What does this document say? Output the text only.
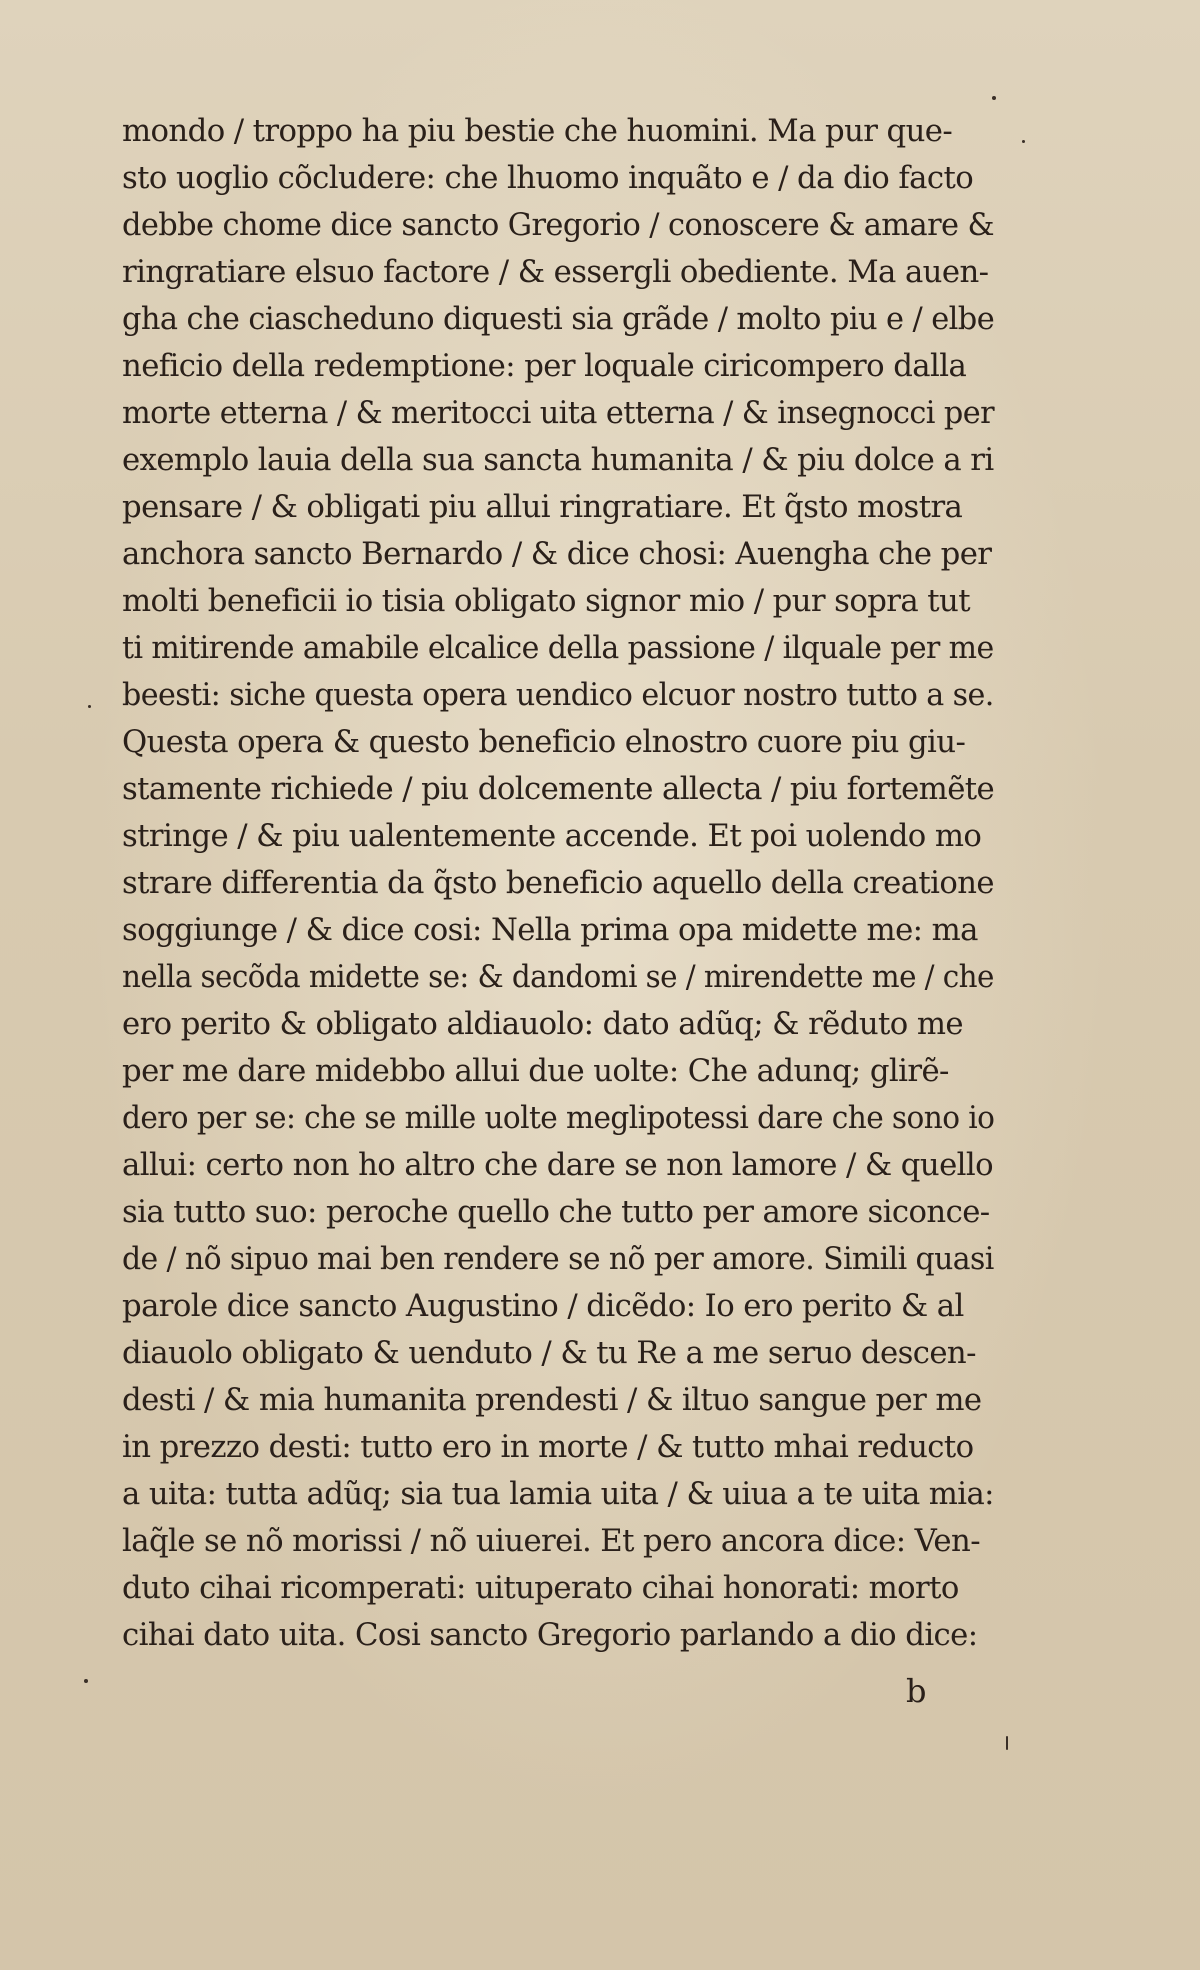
mondo / troppo ha piu bestie che huomini. Ma pur que-
sto uoglio cõcludere: che lhuomo inquãto e / da dio facto
debbe chome dice sancto Gregorio / conoscere & amare &
ringratiare elsuo factore / & essergli obediente. Ma auen-
gha che ciascheduno diquesti sia grãde / molto piu e / elbe
neficio della redemptione: per loquale ciricompero dalla
morte etterna / & meritocci uita etterna / & insegnocci per
exemplo lauia della sua sancta humanita / & piu dolce a ri
pensare / & obligati piu allui ringratiare. Et q̃sto mostra
anchora sancto Bernardo / & dice chosi: Auengha che per
molti beneficii io tisia obligato signor mio / pur sopra tut
ti mitirende amabile elcalice della passione / ilquale per me
beesti: siche questa opera uendico elcuor nostro tutto a se.
Questa opera & questo beneficio elnostro cuore piu giu-
stamente richiede / piu dolcemente allecta / piu fortemẽte
stringe / & piu ualentemente accende. Et poi uolendo mo
strare differentia da q̃sto beneficio aquello della creatione
soggiunge / & dice cosi: Nella prima opa midette me: ma
nella secõda midette se: & dandomi se / mirendette me / che
ero perito & obligato aldiauolo: dato adũq; & rẽduto me
per me dare midebbo allui due uolte: Che adunq; glirẽ-
dero per se: che se mille uolte meglipotessi dare che sono io
allui: certo non ho altro che dare se non lamore / & quello
sia tutto suo: peroche quello che tutto per amore siconce-
de / nõ sipuo mai ben rendere se nõ per amore. Simili quasi
parole dice sancto Augustino / dicẽdo: Io ero perito & al
diauolo obligato & uenduto / & tu Re a me seruo descen-
desti / & mia humanita prendesti / & iltuo sangue per me
in prezzo desti: tutto ero in morte / & tutto mhai reducto
a uita: tutta adũq; sia tua lamia uita / & uiua a te uita mia:
laq̃le se nõ morissi / nõ uiuerei. Et pero ancora dice: Ven-
duto cihai ricomperati: uituperato cihai honorati: morto
cihai dato uita. Cosi sancto Gregorio parlando a dio dice:
b
